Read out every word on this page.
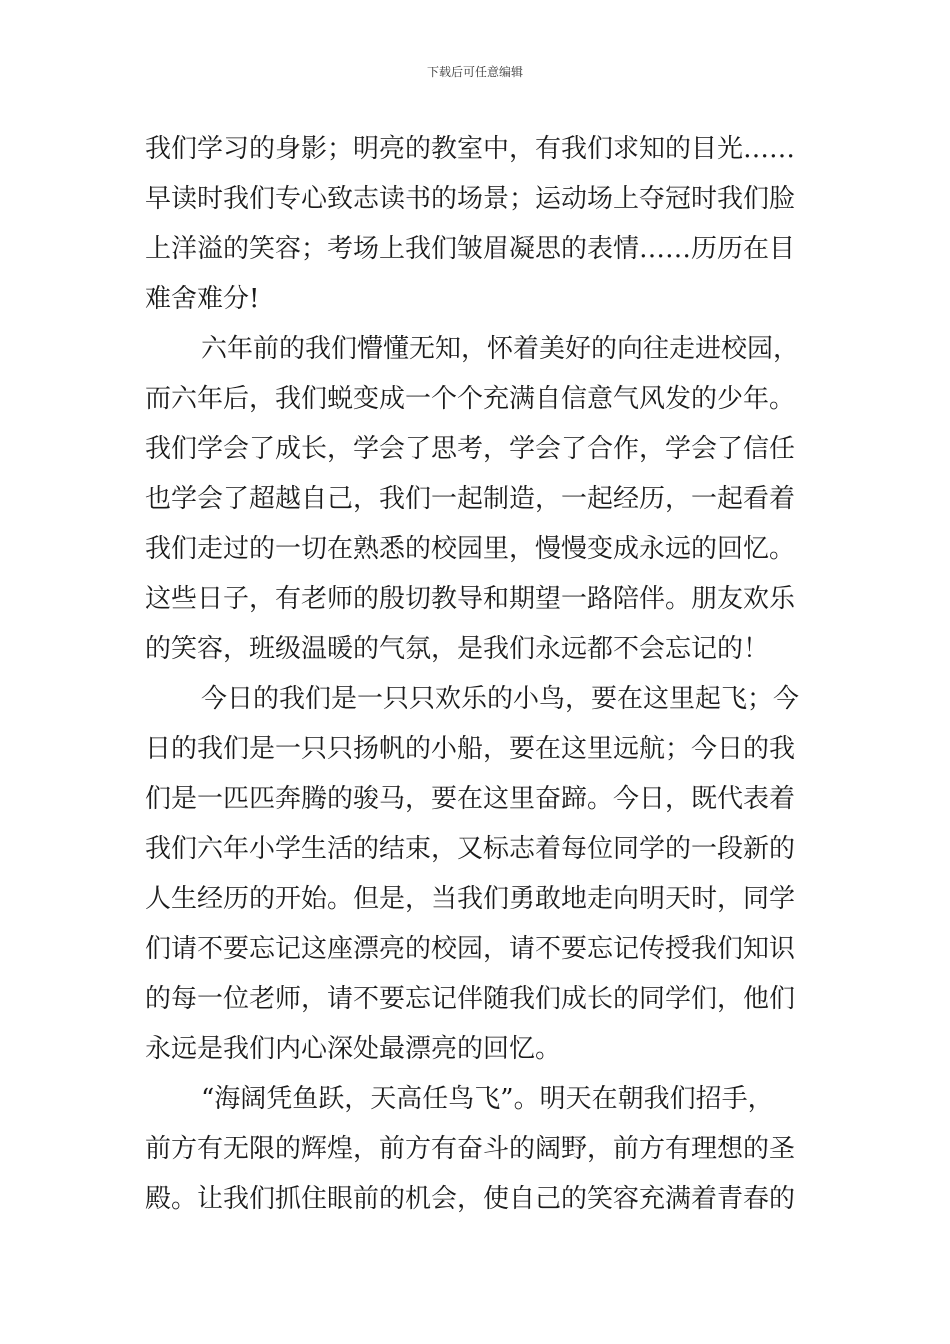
下载后可任意编辑
我们学习的身影；明亮的教室中，有我们求知的目光……
早读时我们专心致志读书的场景；运动场上夺冠时我们脸
上洋溢的笑容；考场上我们皱眉凝思的表情……历历在目
难舍难分!
六年前的我们懵懂无知，怀着美好的向往走进校园，
而六年后，我们蜕变成一个个充满自信意气风发的少年。
我们学会了成长，学会了思考，学会了合作，学会了信任
也学会了超越自己，我们一起制造，一起经历，一起看着
我们走过的一切在熟悉的校园里，慢慢变成永远的回忆。
这些日子，有老师的殷切教导和期望一路陪伴。朋友欢乐
的笑容，班级温暖的气氛，是我们永远都不会忘记的！
今日的我们是一只只欢乐的小鸟，要在这里起飞；今
日的我们是一只只扬帆的小船，要在这里远航；今日的我
们是一匹匹奔腾的骏马，要在这里奋蹄。今日，既代表着
我们六年小学生活的结束，又标志着每位同学的一段新的
人生经历的开始。但是，当我们勇敢地走向明天时，同学
们请不要忘记这座漂亮的校园，请不要忘记传授我们知识
的每一位老师，请不要忘记伴随我们成长的同学们，他们
永远是我们内心深处最漂亮的回忆。
“海阔凭鱼跃，天高任鸟飞”。明天在朝我们招手，
前方有无限的辉煌，前方有奋斗的阔野，前方有理想的圣
殿。让我们抓住眼前的机会，使自己的笑容充满着青春的
